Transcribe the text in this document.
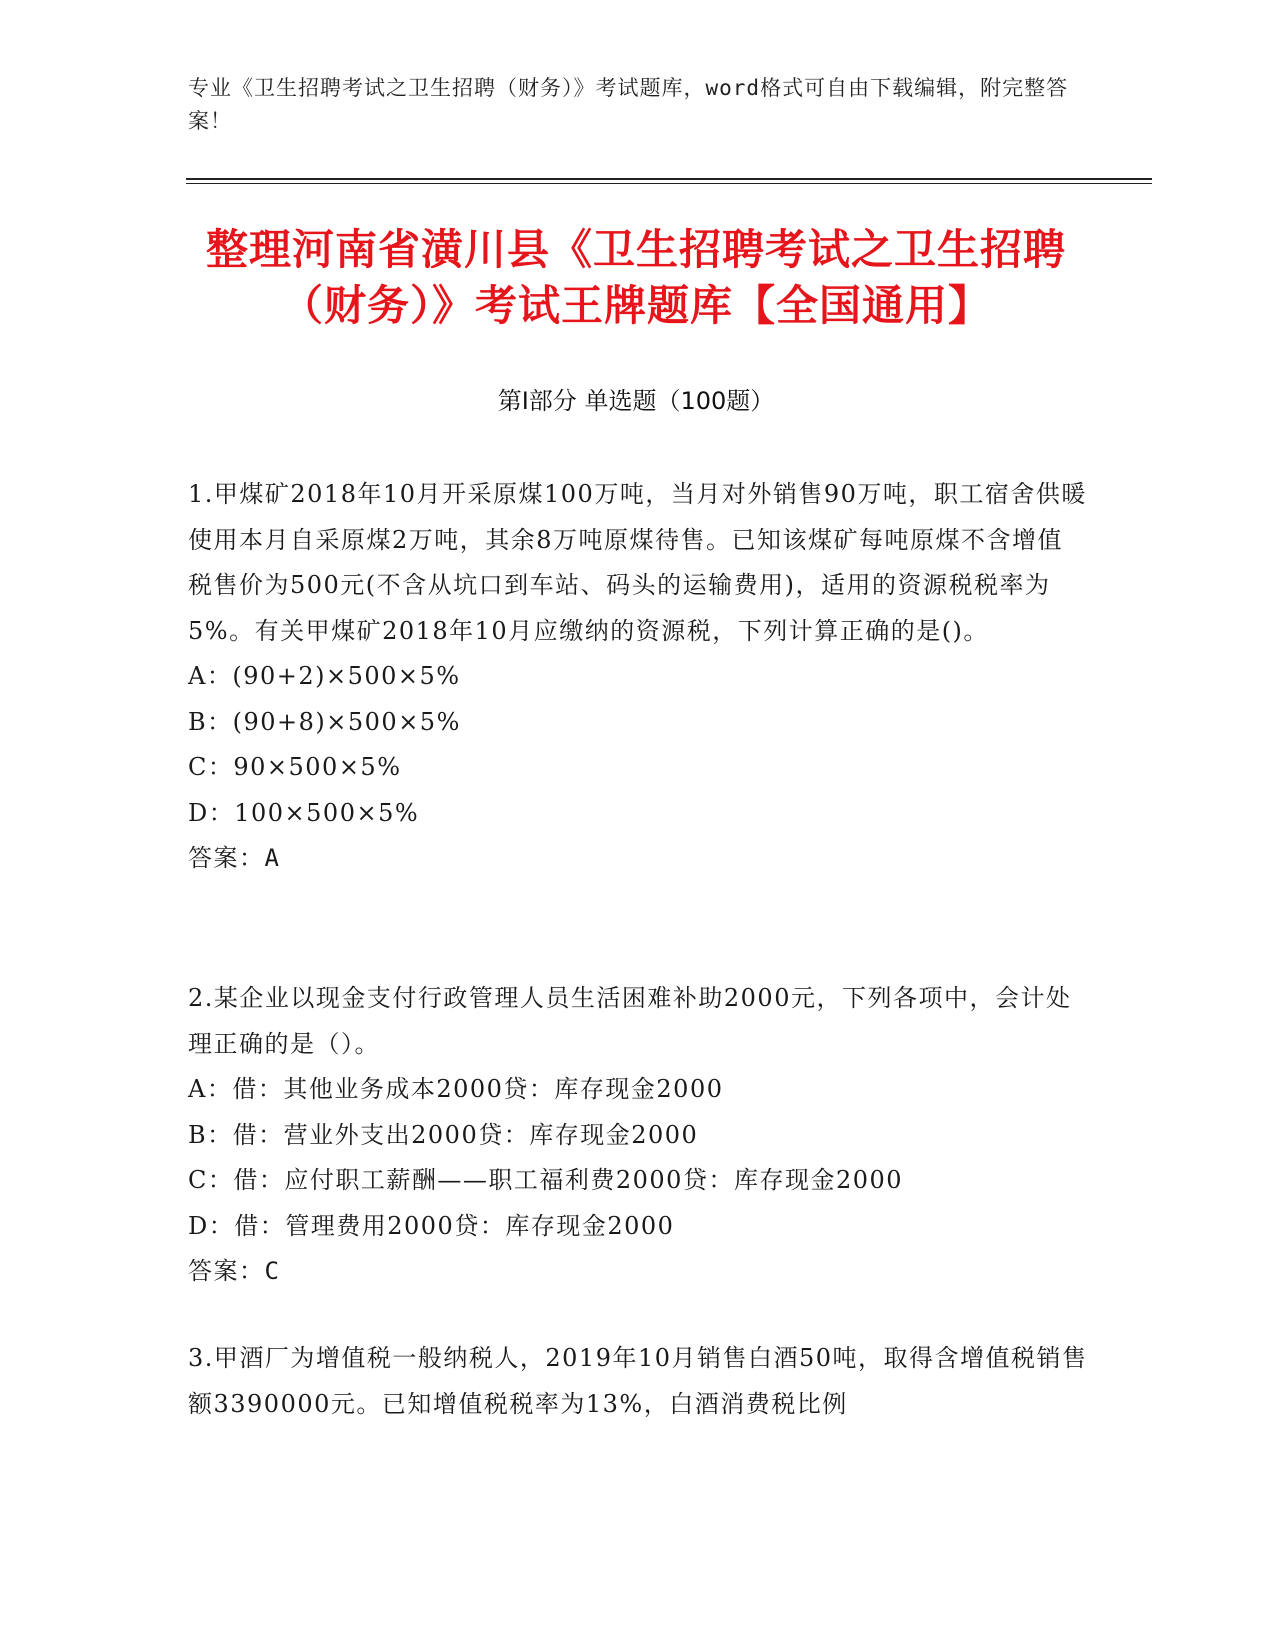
专业《卫生招聘考试之卫生招聘（财务）》考试题库，word格式可自由下载编辑，附完整答案！
整理河南省潢川县《卫生招聘考试之卫生招聘（财务）》考试王牌题库【全国通用】
第Ⅰ部分 单选题（100题）

1.甲煤矿2018年10月开采原煤100万吨，当月对外销售90万吨，职工宿舍供暖使用本月自采原煤2万吨，其余8万吨原煤待售。已知该煤矿每吨原煤不含增值税售价为500元(不含从坑口到车站、码头的运输费用)，适用的资源税税率为5%。有关甲煤矿2018年10月应缴纳的资源税，下列计算正确的是()。

A：(90+2)×500×5%

B：(90+8)×500×5%

C：90×500×5%

D：100×500×5%

答案：A

2.某企业以现金支付行政管理人员生活困难补助2000元，下列各项中，会计处理正确的是（）。

A：借：其他业务成本2000贷：库存现金2000

B：借：营业外支出2000贷：库存现金2000

C：借：应付职工薪酬——职工福利费2000贷：库存现金2000

D：借：管理费用2000贷：库存现金2000

答案：C

3.甲酒厂为增值税一般纳税人，2019年10月销售白酒50吨，取得含增值税销售额3390000元。已知增值税税率为13%，白酒消费税比例
